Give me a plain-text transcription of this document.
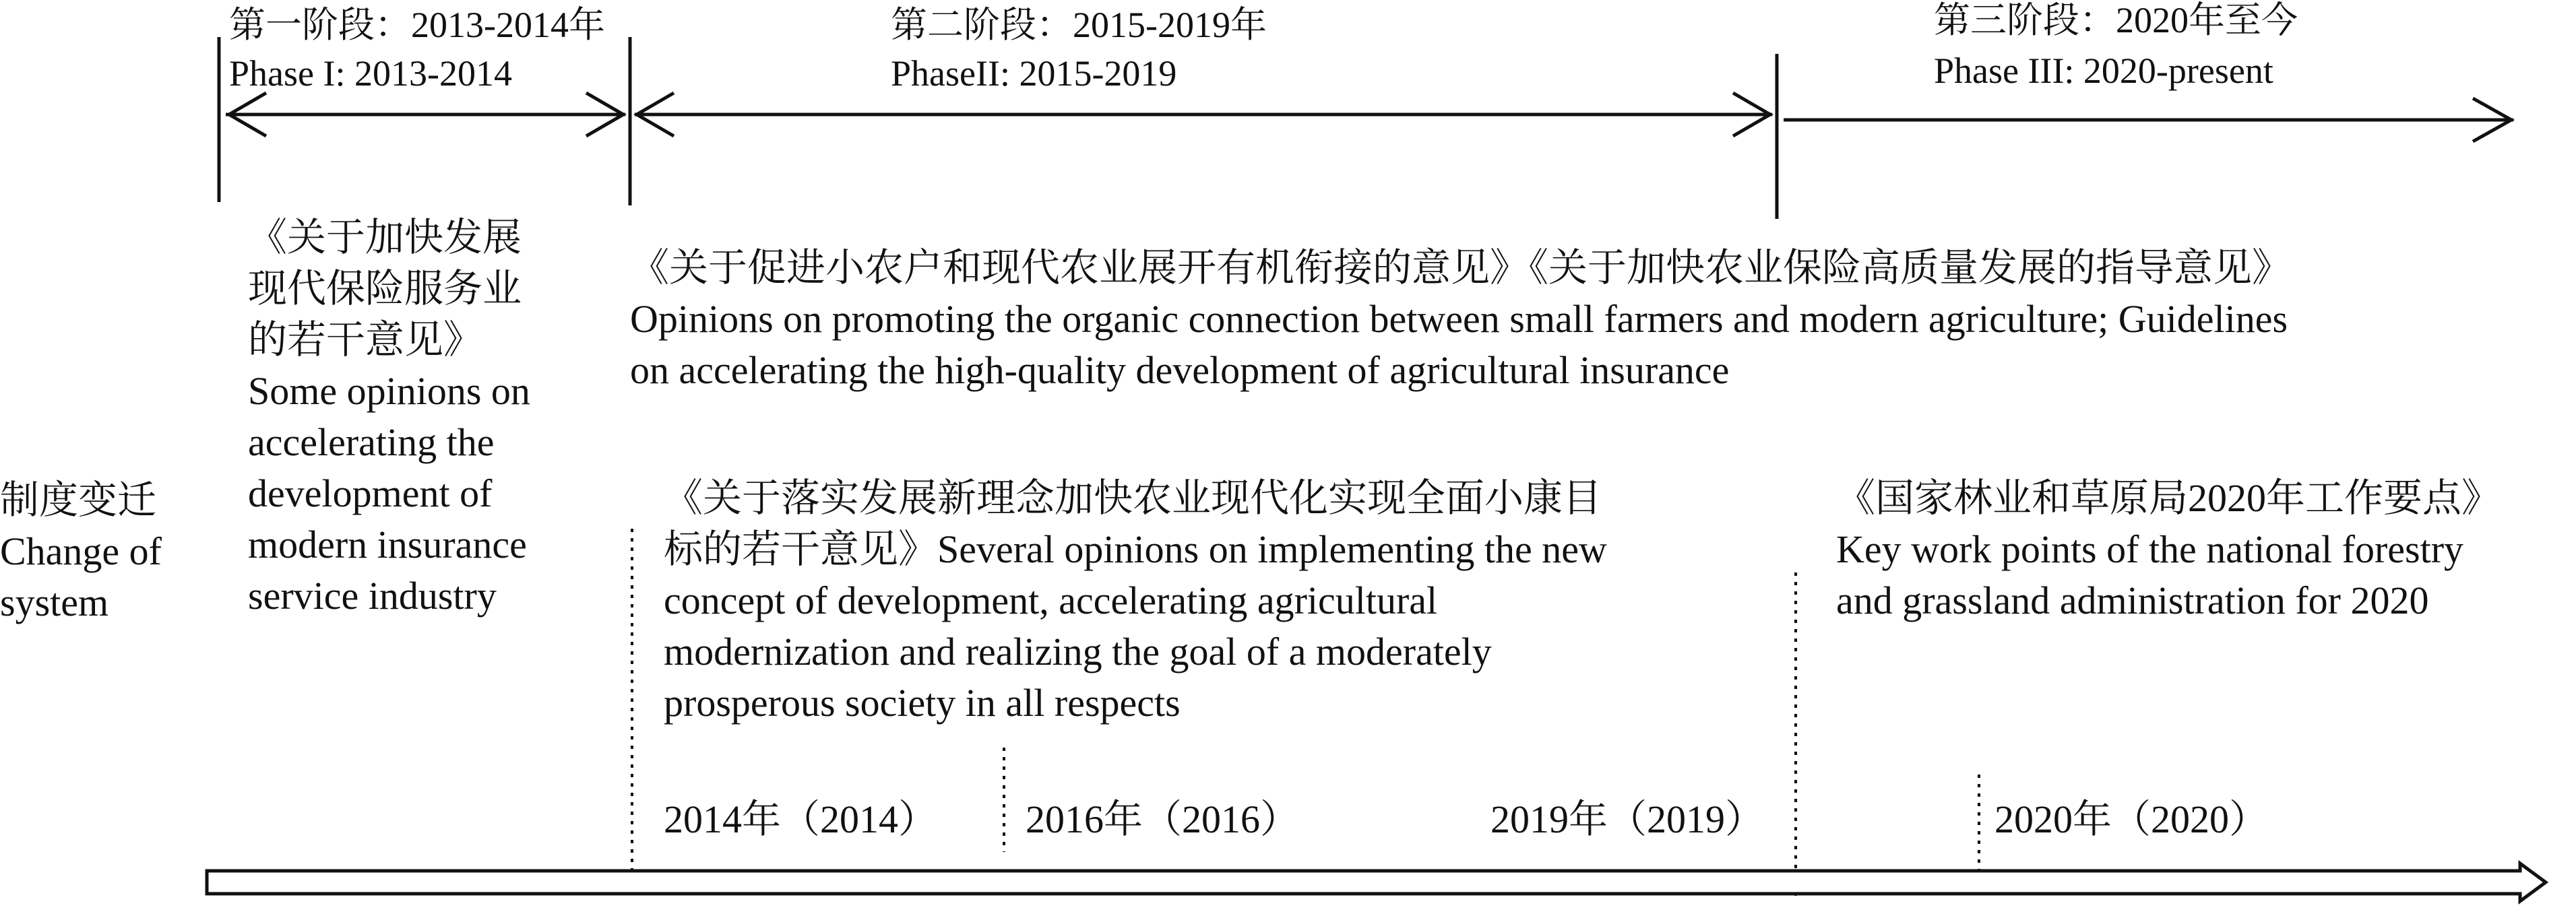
第一阶段：2013-2014年
Phase I: 2013-2014
第二阶段：2015-2019年
PhaseII: 2015-2019
第三阶段：2020年至今
Phase III: 2020-present
制度变迁
Change of
system
《关于加快发展
现代保险服务业
的若干意见》
Some opinions on
accelerating the
development of
modern insurance
service industry
《关于促进小农户和现代农业展开有机衔接的意见》《关于加快农业保险高质量发展的指导意见》
Opinions on promoting the organic connection between small farmers and modern agriculture; Guidelines
on accelerating the high-quality development of agricultural insurance
《关于落实发展新理念加快农业现代化实现全面小康目
标的若干意见》Several opinions on implementing the new
concept of development, accelerating agricultural
modernization and realizing the goal of a moderately
prosperous society in all respects
《国家林业和草原局2020年工作要点》
Key work points of the national forestry
and grassland administration for 2020
2014年（2014） 2016年（2016）	2019年（2019）	2020年（2020）
